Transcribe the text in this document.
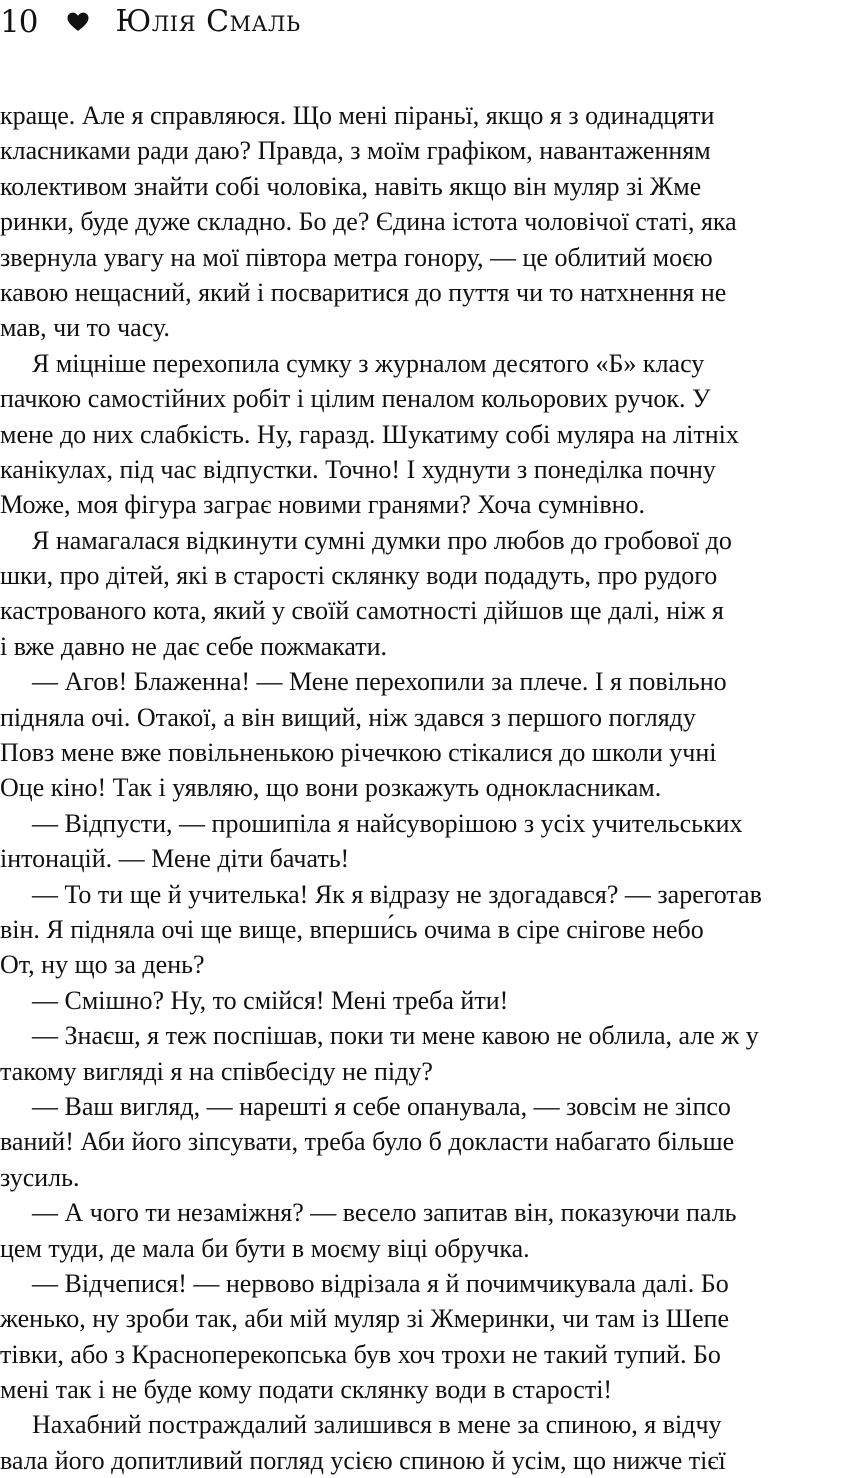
10	Юлія Смаль
краще. Але я справляюся. Що мені піраньї, якщо я з одинадцяти
класниками ради даю? Правда, з моїм графіком, навантаженням
колективом знайти собі чоловіка, навіть якщо він муляр зі Жме
ринки, буде дуже складно. Бо де? Єдина істота чоловічої статі, яка
звернула увагу на мої півтора метра гонору, — це облитий моєю
кавою нещасний, який і посваритися до пуття чи то натхнення не
мав, чи то часу.
Я міцніше перехопила сумку з журналом десятого «Б» класу
пачкою самостійних робіт і цілим пеналом кольорових ручок. У
мене до них слабкість. Ну, гаразд. Шукатиму собі муляра на літніх
канікулах, під час відпустки. Точно! І худнути з понеділка почну
Може, моя фігура заграє новими гранями? Хоча сумнівно.
Я намагалася відкинути сумні думки про любов до гробової до
шки, про дітей, які в старості склянку води подадуть, про рудого
кастрованого кота, який у своїй самотності дійшов ще далі, ніж я
і вже давно не дає себе пожмакати.
— Агов! Блаженна! — Мене перехопили за плече. І я повільно
підняла очі. Отакої, а він вищий, ніж здався з першого погляду
Повз мене вже повільненькою річечкою стікалися до школи учні
Оце кіно! Так і уявляю, що вони розкажуть однокласникам.
— Відпусти, — прошипіла я найсуворішою з усіх учительських
інтонацій. — Мене діти бачать!
— То ти ще й учителька! Як я відразу не здогадався? — зареготав
він. Я підняла очі ще вище, вперши́сь очима в сіре снігове небо
От, ну що за день?
— Смішно? Ну, то смійся! Мені треба йти!
— Знаєш, я теж поспішав, поки ти мене кавою не облила, але ж у
такому вигляді я на співбесіду не піду?
— Ваш вигляд, — нарешті я себе опанувала, — зовсім не зіпсо
ваний! Аби його зіпсувати, треба було б докласти набагато більше
зусиль.
— А чого ти незаміжня? — весело запитав він, показуючи паль
цем туди, де мала би бути в моєму віці обручка.
— Відчепися! — нервово відрізала я й почимчикувала далі. Бо
женько, ну зроби так, аби мій муляр зі Жмеринки, чи там із Шепе
тівки, або з Красноперекопська був хоч трохи не такий тупий. Бо
мені так і не буде кому подати склянку води в старості!
Нахабний постраждалий залишився в мене за спиною, я відчу
вала його допитливий погляд усією спиною й усім, що нижче тієї
